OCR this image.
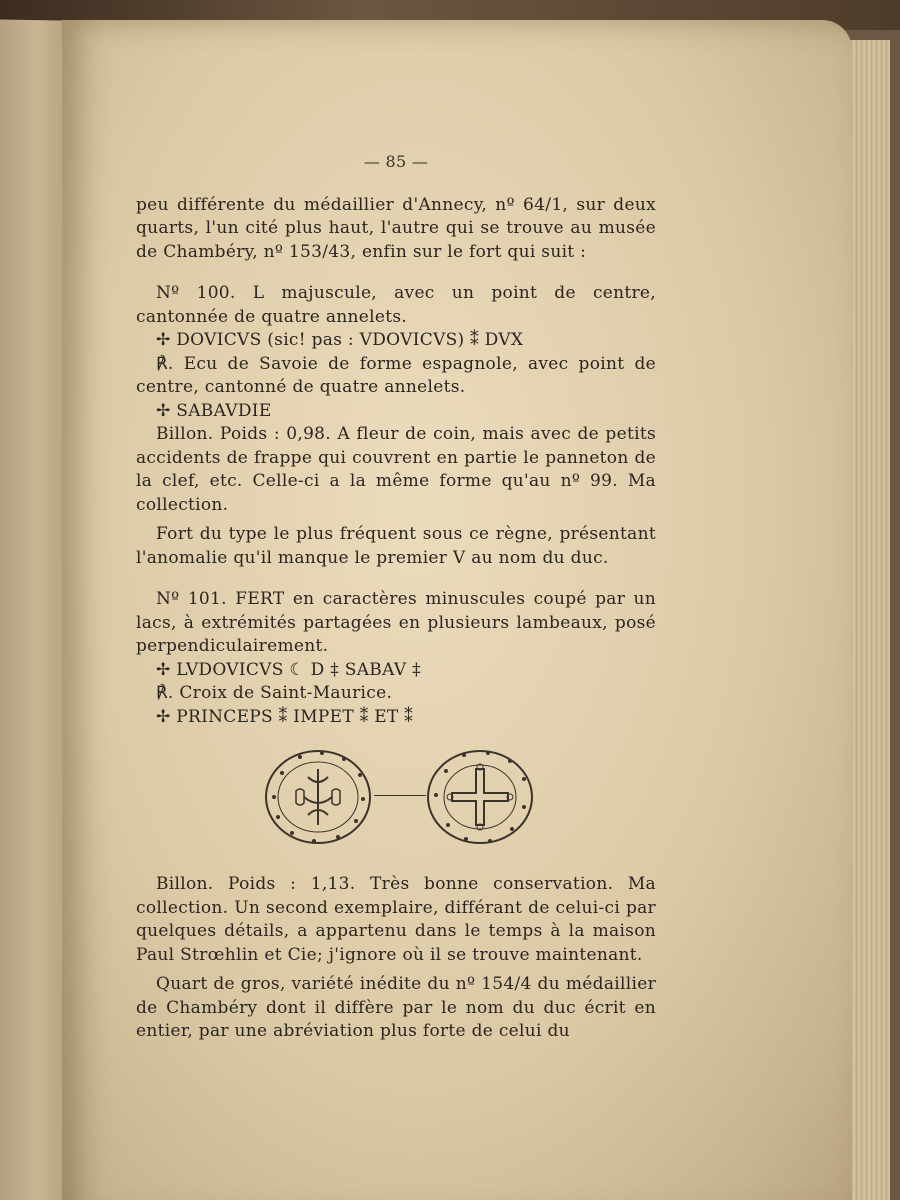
— 85 —

peu différente du médaillier d'Annecy, nº 64/1, sur deux quarts, l'un cité plus haut, l'autre qui se trouve au musée de Chambéry, nº 153/43, enfin sur le fort qui suit :

Nº 100. L majuscule, avec un point de centre, cantonnée de quatre annelets.

✢ DOVICVS (sic! pas : VDOVICVS) ⁑ DVX

℟. Ecu de Savoie de forme espagnole, avec point de centre, cantonné de quatre annelets.

✢ SABAVDIE

Billon. Poids : 0,98. A fleur de coin, mais avec de petits accidents de frappe qui couvrent en partie le panneton de la clef, etc. Celle-ci a la même forme qu'au nº 99. Ma collection.

Fort du type le plus fréquent sous ce règne, présentant l'anomalie qu'il manque le premier V au nom du duc.

Nº 101. FERT en caractères minuscules coupé par un lacs, à extrémités partagées en plusieurs lambeaux, posé perpendiculairement.

✢ LVDOVICVS ☾ D ‡ SABAV ‡

℟. Croix de Saint-Maurice.

✢ PRINCEPS ⁑ IMPET ⁑ ET ⁑

Billon. Poids : 1,13. Très bonne conservation. Ma collection. Un second exemplaire, différant de celui-ci par quelques détails, a appartenu dans le temps à la maison Paul Strœhlin et Cie; j'ignore où il se trouve maintenant.

Quart de gros, variété inédite du nº 154/4 du médaillier de Chambéry dont il diffère par le nom du duc écrit en entier, par une abréviation plus forte de celui du
